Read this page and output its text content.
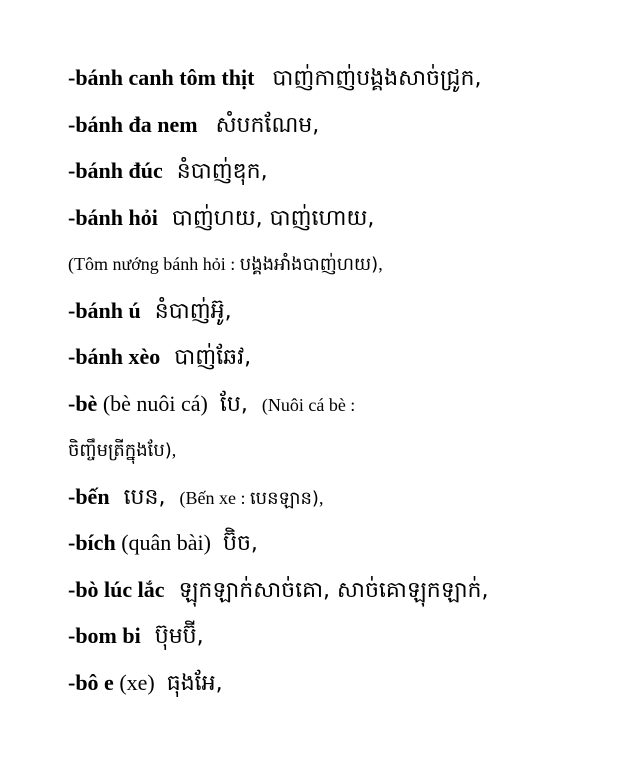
-bánh canh tôm thịt បាញ់កាញ់បង្គងសាច់ជ្រូក,
-bánh đa nem សំបកណែម,
-bánh đúc នំបាញ់ឌុក,
-bánh hỏi បាញ់ហយ, បាញ់ហោយ,
(Tôm nướng bánh hỏi : បង្គងអាំងបាញ់ហយ),
-bánh ú នំបាញ់អ៊ូ,
-bánh xèo បាញ់ឆែវ,
-bè (bè nuôi cá) បែ, (Nuôi cá bè :
ចិញ្ចឹមត្រីក្នុងបែ),
-bến បេន, (Bến xe : បេនឡាន),
-bích (quân bài) ប៊ិច,
-bò lúc lắc ឡុកឡាក់សាច់គោ, សាច់គោឡុកឡាក់,
-bom bi ប៊ុមប៊ី,
-bô e (xe) ធុងអែ,
